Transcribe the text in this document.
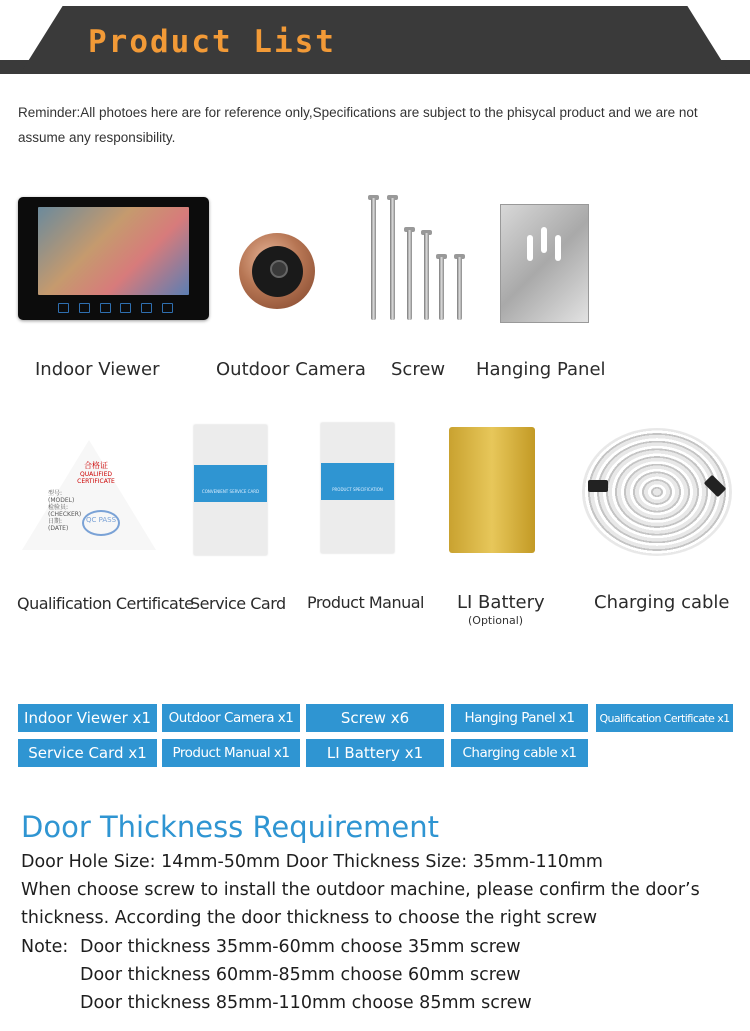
Product List
Reminder:All photoes here are for reference only,Specifications are subject to the phisycal product and we are not assume any responsibility.
Indoor Viewer	Outdoor Camera Screw Hanging Panel
合格证
QUALIFIED CERTIFICATE
型号:
(MODEL)
检验员:
(CHECKER)
日期:
(DATE)
QC PASS
CONVENIENT SERVICE CARD	PRODUCT SPECIFICATION
Qualification Certificate
Service Card Product Manual LI Battery
(Optional)
Charging cable
Indoor Viewer x1	Outdoor Camera x1	Screw x6	Hanging Panel x1	Qualification Certificate x1
Service Card x1	Product Manual x1	LI Battery x1	Charging cable x1
Door Thickness Requirement
Door Hole Size: 14mm-50mm Door Thickness Size: 35mm-110mm
When choose screw to install the outdoor machine, please confirm the door’s
thickness. According the door thickness to choose the right screw
Note: Door thickness 35mm-60mm choose 35mm screw
Door thickness 60mm-85mm choose 60mm screw
Door thickness 85mm-110mm choose 85mm screw
